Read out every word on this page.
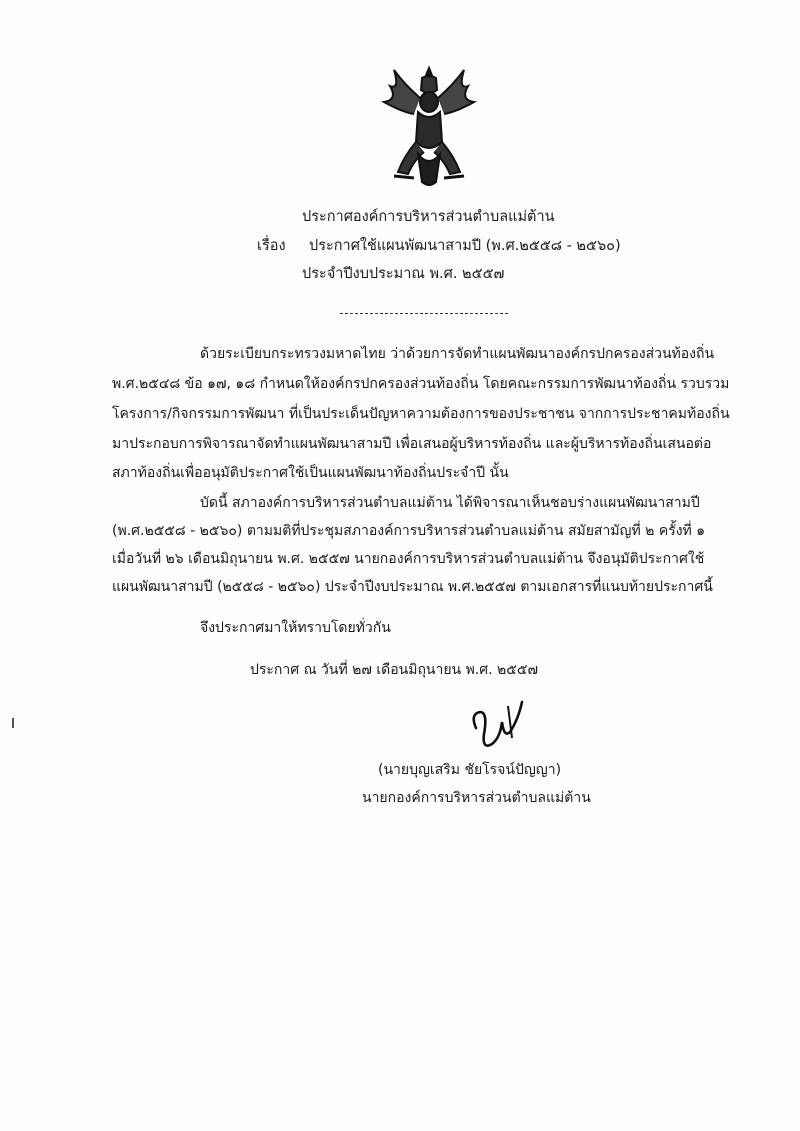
ประกาศองค์การบริหารส่วนตำบลแม่ต้าน
เรื่อง ประกาศใช้แผนพัฒนาสามปี (พ.ศ.๒๕๕๘ - ๒๕๖๐)
ประจำปีงบประมาณ พ.ศ. ๒๕๕๗
ด้วยระเบียบกระทรวงมหาดไทย ว่าด้วยการจัดทำแผนพัฒนาองค์กรปกครองส่วนท้องถิ่น
พ.ศ.๒๕๔๘ ข้อ ๑๗, ๑๘ กำหนดให้องค์กรปกครองส่วนท้องถิ่น โดยคณะกรรมการพัฒนาท้องถิ่น รวบรวม
โครงการ/กิจกรรมการพัฒนา ที่เป็นประเด็นปัญหาความต้องการของประชาชน จากการประชาคมท้องถิ่น
มาประกอบการพิจารณาจัดทำแผนพัฒนาสามปี เพื่อเสนอผู้บริหารท้องถิ่น และผู้บริหารท้องถิ่นเสนอต่อ
สภาท้องถิ่นเพื่ออนุมัติประกาศใช้เป็นแผนพัฒนาท้องถิ่นประจำปี นั้น
บัดนี้ สภาองค์การบริหารส่วนตำบลแม่ต้าน ได้พิจารณาเห็นชอบร่างแผนพัฒนาสามปี
(พ.ศ.๒๕๕๘ - ๒๕๖๐) ตามมติที่ประชุมสภาองค์การบริหารส่วนตำบลแม่ต้าน สมัยสามัญที่ ๒ ครั้งที่ ๑
เมื่อวันที่ ๒๖ เดือนมิถุนายน พ.ศ. ๒๕๕๗ นายกองค์การบริหารส่วนตำบลแม่ต้าน จึงอนุมัติประกาศใช้
แผนพัฒนาสามปี (๒๕๕๘ - ๒๕๖๐) ประจำปีงบประมาณ พ.ศ.๒๕๕๗ ตามเอกสารที่แนบท้ายประกาศนี้
จึงประกาศมาให้ทราบโดยทั่วกัน
ประกาศ ณ วันที่ ๒๗ เดือนมิถุนายน พ.ศ. ๒๕๕๗
(นายบุญเสริม ชัยโรจน์ปัญญา)
นายกองค์การบริหารส่วนตำบลแม่ต้าน
